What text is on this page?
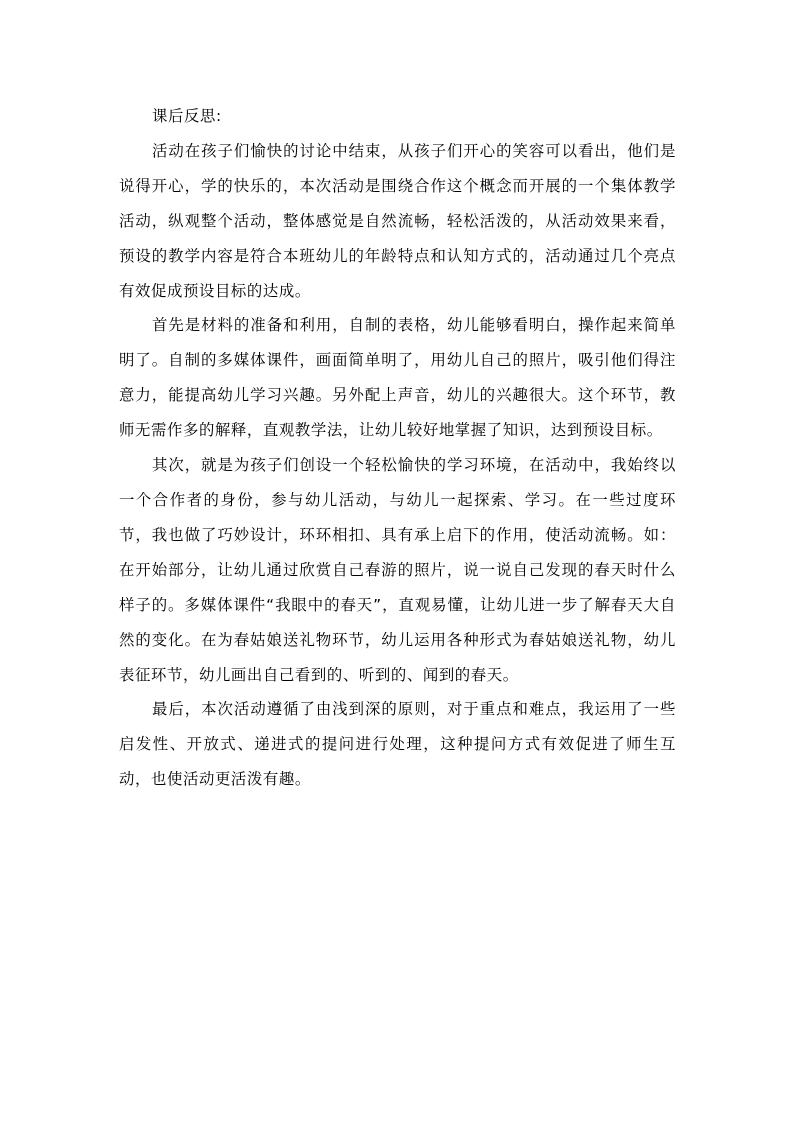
课后反思:

活动在孩子们愉快的讨论中结束，从孩子们开心的笑容可以看出，他们是说得开心，学的快乐的，本次活动是围绕合作这个概念而开展的一个集体教学活动，纵观整个活动，整体感觉是自然流畅，轻松活泼的，从活动效果来看，预设的教学内容是符合本班幼儿的年龄特点和认知方式的，活动通过几个亮点有效促成预设目标的达成。

首先是材料的准备和利用，自制的表格，幼儿能够看明白，操作起来简单明了。自制的多媒体课件，画面简单明了，用幼儿自己的照片，吸引他们得注意力，能提高幼儿学习兴趣。另外配上声音，幼儿的兴趣很大。这个环节，教师无需作多的解释，直观教学法，让幼儿较好地掌握了知识，达到预设目标。

其次，就是为孩子们创设一个轻松愉快的学习环境，在活动中，我始终以一个合作者的身份，参与幼儿活动，与幼儿一起探索、学习。在一些过度环节，我也做了巧妙设计，环环相扣、具有承上启下的作用，使活动流畅。如：在开始部分，让幼儿通过欣赏自己春游的照片，说一说自己发现的春天时什么样子的。多媒体课件“我眼中的春天”，直观易懂，让幼儿进一步了解春天大自然的变化。在为春姑娘送礼物环节，幼儿运用各种形式为春姑娘送礼物，幼儿表征环节，幼儿画出自己看到的、听到的、闻到的春天。

最后，本次活动遵循了由浅到深的原则，对于重点和难点，我运用了一些启发性、开放式、递进式的提问进行处理，这种提问方式有效促进了师生互动，也使活动更活泼有趣。
